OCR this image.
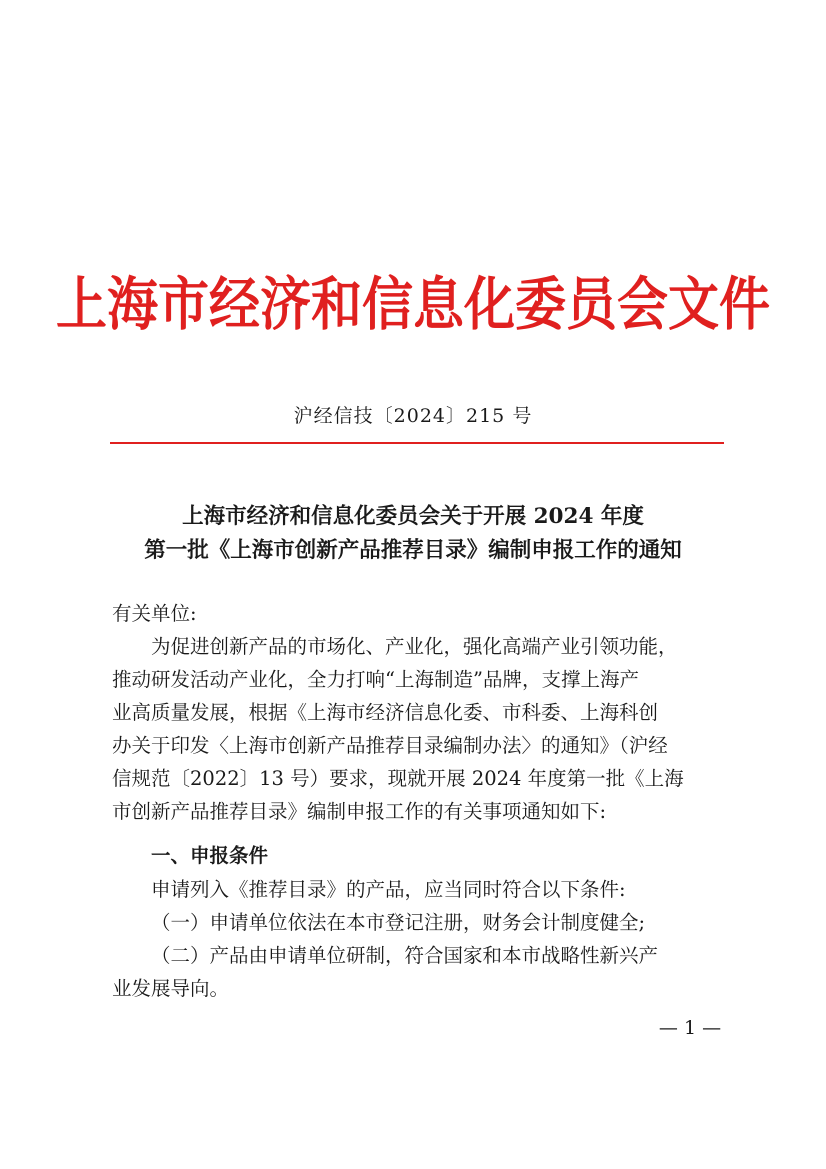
上海市经济和信息化委员会文件
沪经信技〔2024〕215 号
上海市经济和信息化委员会关于开展 2024 年度
第一批《上海市创新产品推荐目录》编制申报工作的通知
有关单位:
为促进创新产品的市场化、产业化，强化高端产业引领功能，
推动研发活动产业化，全力打响“上海制造”品牌，支撑上海产
业高质量发展，根据《上海市经济信息化委、市科委、上海科创
办关于印发〈上海市创新产品推荐目录编制办法〉的通知》（沪经
信规范〔2022〕13 号）要求，现就开展 2024 年度第一批《上海
市创新产品推荐目录》编制申报工作的有关事项通知如下:
一、申报条件
申请列入《推荐目录》的产品，应当同时符合以下条件:
（一）申请单位依法在本市登记注册，财务会计制度健全;
（二）产品由申请单位研制，符合国家和本市战略性新兴产
业发展导向。
— 1 —
